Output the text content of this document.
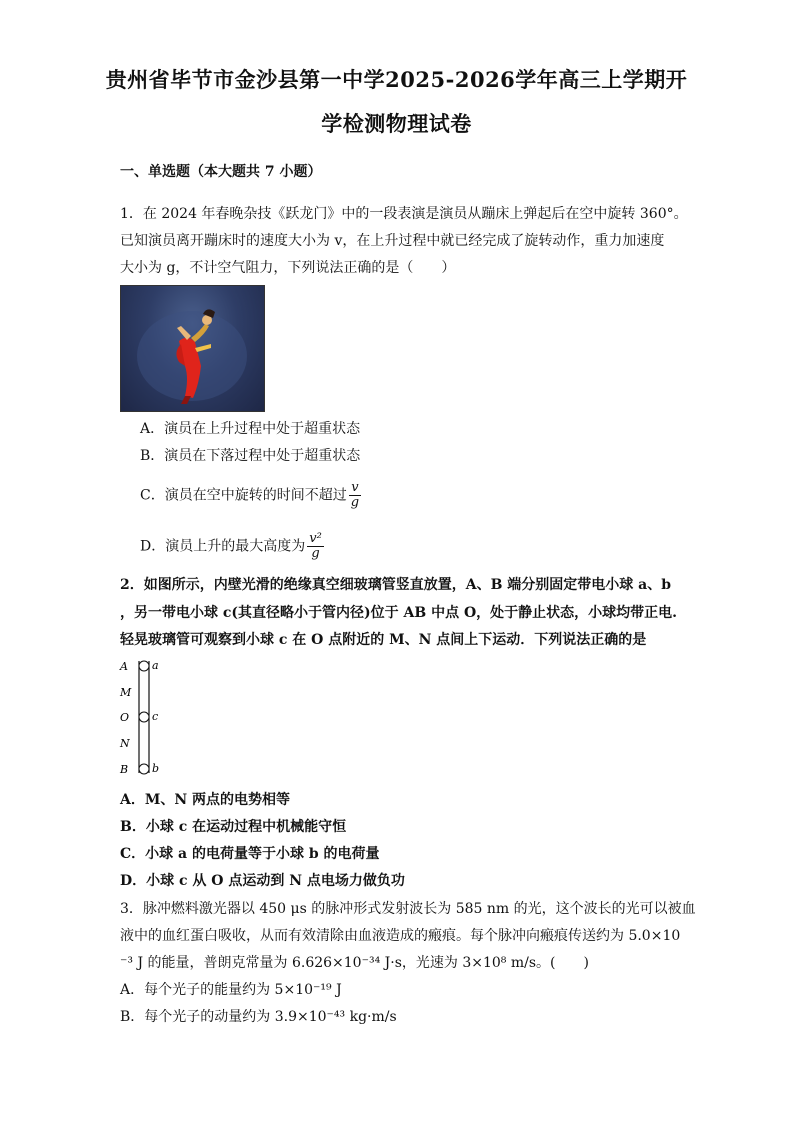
贵州省毕节市金沙县第一中学2025-2026学年高三上学期开
学检测物理试卷
一、单选题（本大题共 7 小题）
1．在 2024 年春晚杂技《跃龙门》中的一段表演是演员从蹦床上弹起后在空中旋转 360°。
已知演员离开蹦床时的速度大小为 v，在上升过程中就已经完成了旋转动作，重力加速度
大小为 g，不计空气阻力，下列说法正确的是（　　）
A．演员在上升过程中处于超重状态
B．演员在下落过程中处于超重状态
C．演员在空中旋转的时间不超过 $\frac{v}{g}$
D．演员上升的最大高度为 $\frac{\text{v²}}{g}$
2．如图所示，内壁光滑的绝缘真空细玻璃管竖直放置，A、B 端分别固定带电小球 a、b
，另一带电小球 c(其直径略小于管内径)位于 AB 中点 O，处于静止状态，小球均带正电.
轻晃玻璃管可观察到小球 c 在 O 点附近的 M、N 点间上下运动．下列说法正确的是
A
M
O
N
B
a
c
b
A．M、N 两点的电势相等
B．小球 c 在运动过程中机械能守恒
C．小球 a 的电荷量等于小球 b 的电荷量
D．小球 c 从 O 点运动到 N 点电场力做负功
3．脉冲燃料激光器以 450 μs 的脉冲形式发射波长为 585 nm 的光，这个波长的光可以被血
液中的血红蛋白吸收，从而有效清除由血液造成的瘢痕。每个脉冲向瘢痕传送约为 5.0×10
⁻³ J 的能量，普朗克常量为 6.626×10⁻³⁴ J·s，光速为 3×10⁸ m/s。(　　)
A．每个光子的能量约为 5×10⁻¹⁹ J
B．每个光子的动量约为 3.9×10⁻⁴³ kg·m/s
